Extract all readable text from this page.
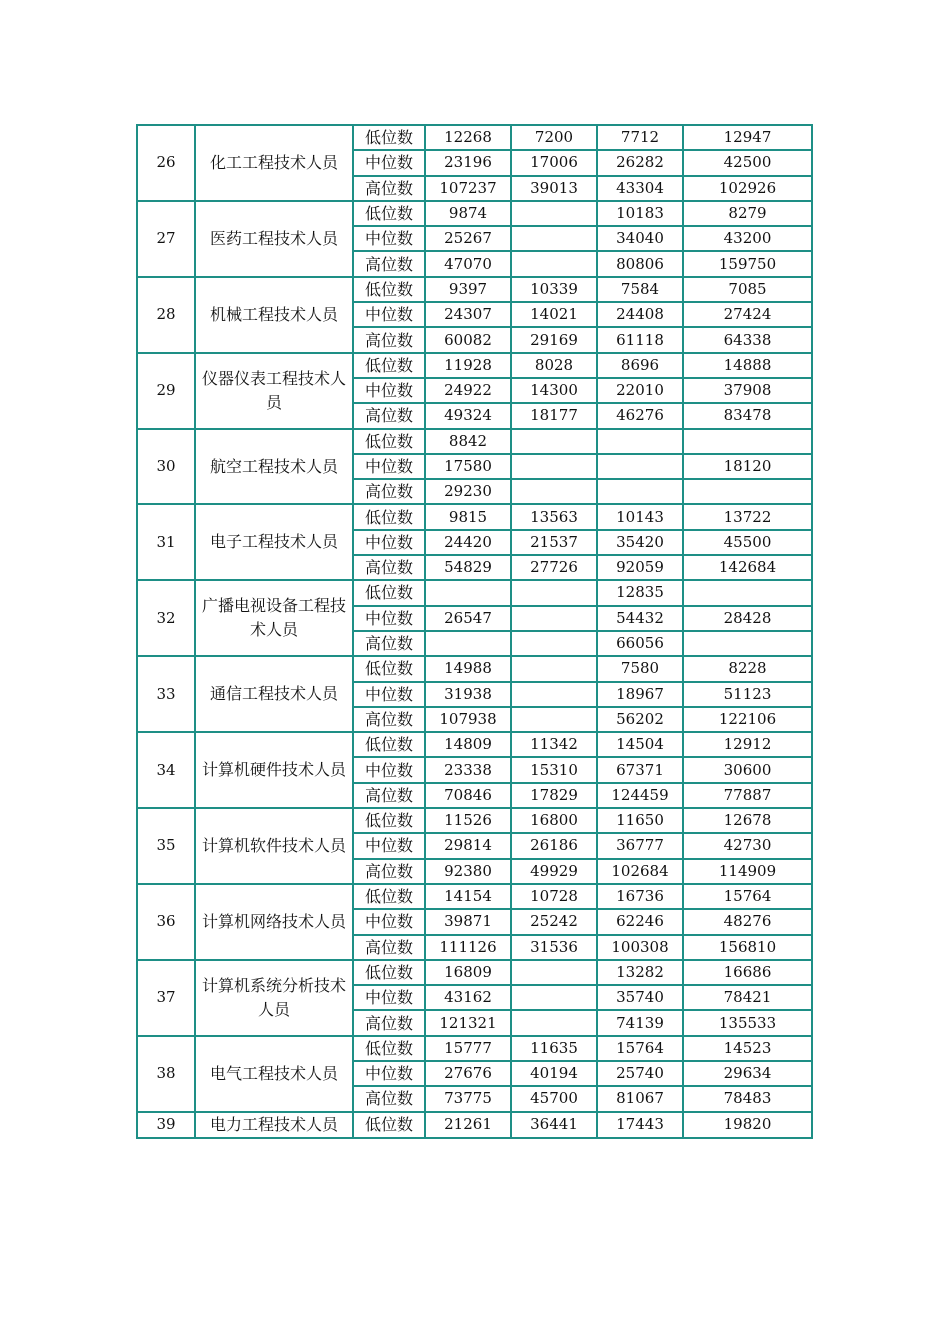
26	化工工程技术人员	低位数	12268	7200	7712	12947
		中位数	23196	17006	26282	42500
		高位数	107237	39013	43304	102926
27	医药工程技术人员	低位数	9874		10183	8279
		中位数	25267		34040	43200
		高位数	47070		80806	159750
28	机械工程技术人员	低位数	9397	10339	7584	7085
		中位数	24307	14021	24408	27424
		高位数	60082	29169	61118	64338
29	仪器仪表工程技术人员	低位数	11928	8028	8696	14888
		中位数	24922	14300	22010	37908
		高位数	49324	18177	46276	83478
30	航空工程技术人员	低位数	8842			
		中位数	17580			18120
		高位数	29230			
31	电子工程技术人员	低位数	9815	13563	10143	13722
		中位数	24420	21537	35420	45500
		高位数	54829	27726	92059	142684
32	广播电视设备工程技术人员	低位数			12835	
		中位数	26547		54432	28428
		高位数			66056	
33	通信工程技术人员	低位数	14988		7580	8228
		中位数	31938		18967	51123
		高位数	107938		56202	122106
34	计算机硬件技术人员	低位数	14809	11342	14504	12912
		中位数	23338	15310	67371	30600
		高位数	70846	17829	124459	77887
35	计算机软件技术人员	低位数	11526	16800	11650	12678
		中位数	29814	26186	36777	42730
		高位数	92380	49929	102684	114909
36	计算机网络技术人员	低位数	14154	10728	16736	15764
		中位数	39871	25242	62246	48276
		高位数	111126	31536	100308	156810
37	计算机系统分析技术人员	低位数	16809		13282	16686
		中位数	43162		35740	78421
		高位数	121321		74139	135533
38	电气工程技术人员	低位数	15777	11635	15764	14523
		中位数	27676	40194	25740	29634
		高位数	73775	45700	81067	78483
39	电力工程技术人员	低位数	21261	36441	17443	19820
